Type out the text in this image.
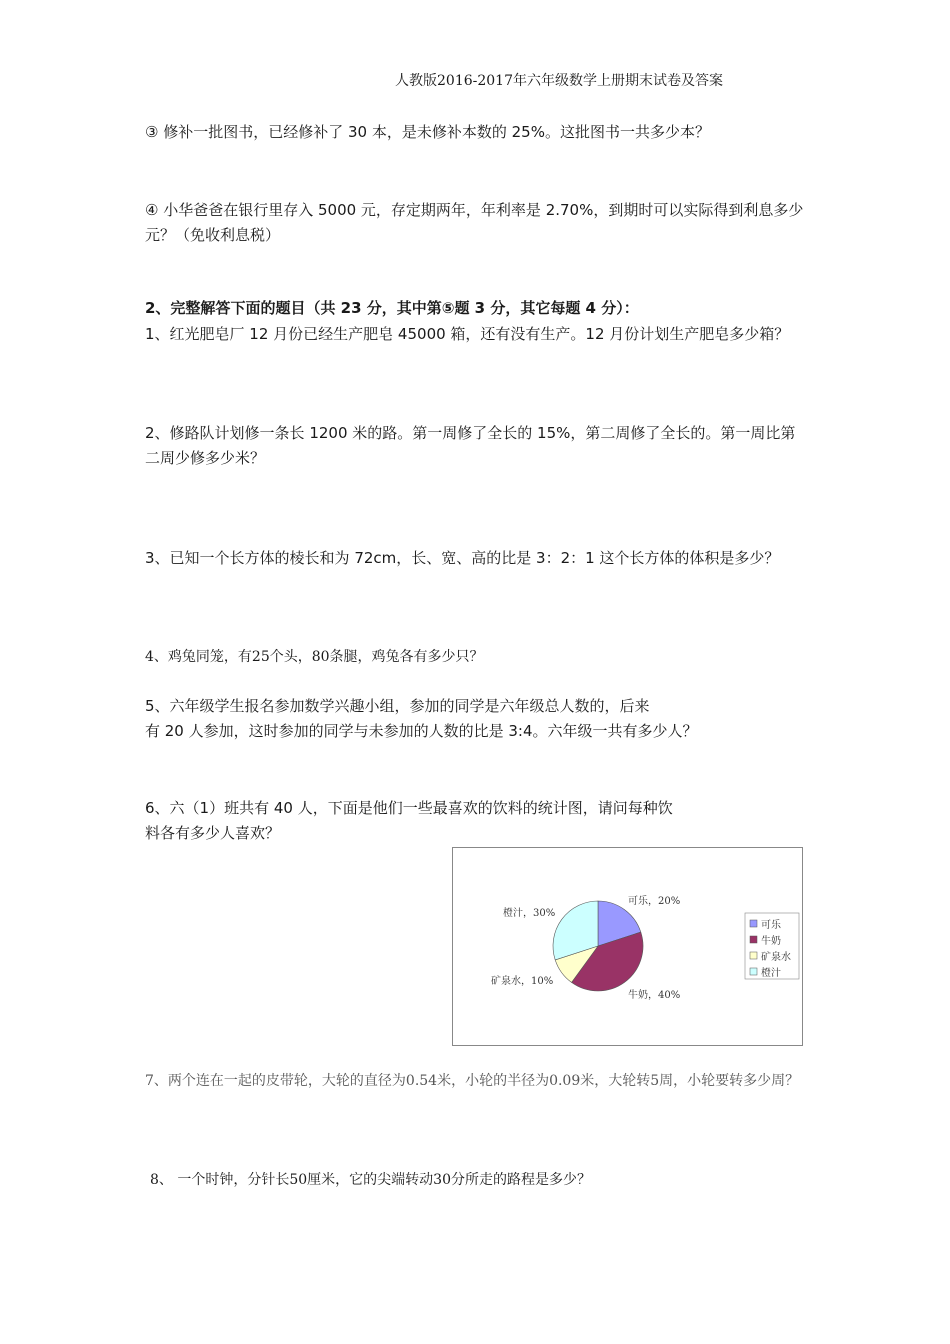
人教版2016-2017年六年级数学上册期末试卷及答案
③ 修补一批图书，已经修补了 30 本，是未修补本数的 25%。这批图书一共多少本？
④ 小华爸爸在银行里存入 5000 元，存定期两年，年利率是 2.70%，到期时可以实际得到利息多少元？（免收利息税）
2、完整解答下面的题目（共 23 分，其中第⑤题 3 分，其它每题 4 分）：
1、红光肥皂厂 12 月份已经生产肥皂 45000 箱，还有没有生产。12 月份计划生产肥皂多少箱？
2、修路队计划修一条长 1200 米的路。第一周修了全长的 15%，第二周修了全长的。第一周比第二周少修多少米？
3、已知一个长方体的棱长和为 72cm，长、宽、高的比是 3：2：1 这个长方体的体积是多少？
4、鸡兔同笼，有25个头，80条腿，鸡兔各有多少只？
5、六年级学生报名参加数学兴趣小组，参加的同学是六年级总人数的，后来
有 20 人参加，这时参加的同学与未参加的人数的比是 3:4。六年级一共有多少人？
6、六（1）班共有 40 人，下面是他们一些最喜欢的饮料的统计图，请问每种饮
料各有多少人喜欢？
可乐，20%
牛奶，40%
矿泉水，10%
橙汁，30%
可乐
牛奶
矿泉水
橙汁
7、两个连在一起的皮带轮，大轮的直径为0.54米，小轮的半径为0.09米，大轮转5周，小轮要转多少周？
8、 一个时钟，分针长50厘米，它的尖端转动30分所走的路程是多少？
